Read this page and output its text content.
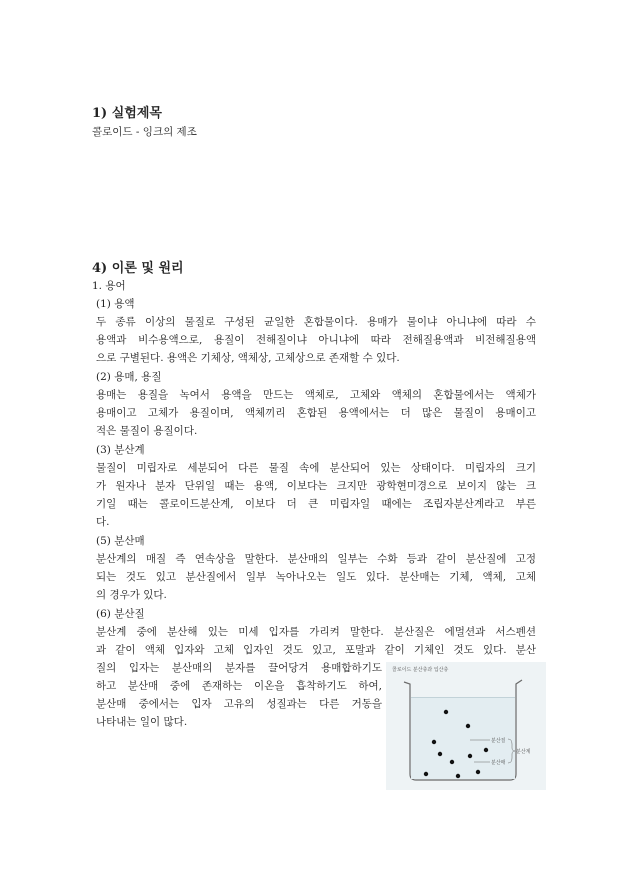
1) 실험제목
콜로이드 - 잉크의 제조
4) 이론 및 원리
1. 용어
(1) 용액
두 종류 이상의 물질로 구성된 균일한 혼합물이다. 용매가 물이냐 아니냐에 따라 수
용액과 비수용액으로, 용질이 전해질이냐 아니냐에 따라 전해질용액과 비전해질용액
으로 구별된다. 용액은 기체상, 액체상, 고체상으로 존재할 수 있다.
(2) 용매, 용질
용매는 용질을 녹여서 용액을 만드는 액체로, 고체와 액체의 혼합물에서는 액체가
용매이고 고체가 용질이며, 액체끼리 혼합된 용액에서는 더 많은 물질이 용매이고
적은 물질이 용질이다.
(3) 분산계
물질이 미립자로 세분되어 다른 물질 속에 분산되어 있는 상태이다. 미립자의 크기
가 원자나 분자 단위일 때는 용액, 이보다는 크지만 광학현미경으로 보이지 않는 크
기일 때는 콜로이드분산계, 이보다 더 큰 미립자일 때에는 조립자분산계라고 부른
다.
(5) 분산매
분산계의 매질 즉 연속상을 말한다. 분산매의 일부는 수화 등과 같이 분산질에 고정
되는 것도 있고 분산질에서 일부 녹아나오는 일도 있다. 분산매는 기체, 액체, 고체
의 경우가 있다.
(6) 분산질
분산계 중에 분산해 있는 미세 입자를 가리켜 말한다. 분산질은 에멀션과 서스펜션
과 같이 액체 입자와 고체 입자인 것도 있고, 포말과 같이 기체인 것도 있다. 분산
질의 입자는 분산매의 분자를 끌어당겨 용매합하기도
하고 분산매 중에 존재하는 이온을 흡착하기도 하여,
분산매 중에서는 입자 고유의 성질과는 다른 거동을
나타내는 일이 많다.
콜로이드 분산층과 입산층
분산질
분산매
분산계
